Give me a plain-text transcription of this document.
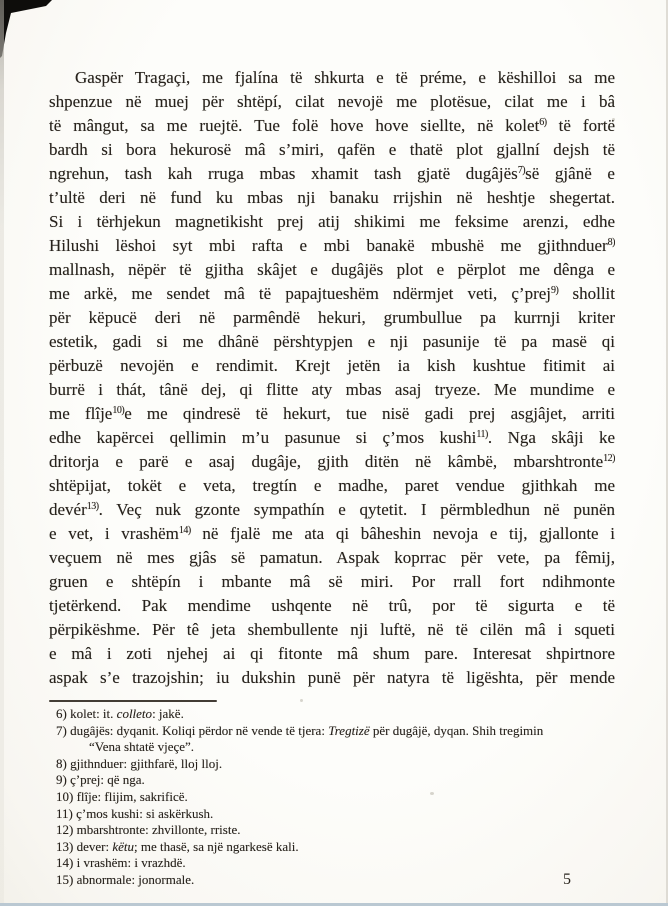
Gaspër Tragaçi, me fjalína të shkurta e të préme, e këshilloi sa me
shpenzue në muej për shtëpí, cilat nevojë me plotësue, cilat me i bâ
të mângut, sa me ruejtë. Tue folë hove hove siellte, në kolet$^{6)}$ të fortë
bardh si bora hekurosë mâ s’miri, qafën e thatë plot gjallní dejsh të
ngrehun, tash kah rruga mbas xhamit tash gjatë dugâjës$^{7)}$së gjânë e
t’ultë deri në fund ku mbas nji banaku rrijshin në heshtje shegertat.
Si i tërhjekun magnetikisht prej atij shikimi me feksime arenzi, edhe
Hilushi lëshoi syt mbi rafta e mbi banakë mbushë me gjithnduer$^{8)}$
mallnash, nëpër të gjitha skâjet e dugâjës plot e përplot me dênga e
me arkë, me sendet mâ të papajtueshëm ndërmjet veti, ç’prej$^{9)}$ shollit
për këpucë deri në parmêndë hekuri, grumbullue pa kurrnji kriter
estetik, gadi si me dhânë përshtypjen e nji pasunije të pa masë qi
përbuzë nevojën e rendimit. Krejt jetën ia kish kushtue fitimit ai
burrë i thát, tânë dej, qi flitte aty mbas asaj tryeze. Me mundime e
me flîje$^{10)}$e me qindresë të hekurt, tue nisë gadi prej asgjâjet, arriti
edhe kapërcei qellimin m’u pasunue si ç’mos kushi$^{11)}$. Nga skâji ke
dritorja e parë e asaj dugâje, gjith ditën në kâmbë, mbarshtronte$^{12)}$
shtëpijat, tokët e veta, tregtín e madhe, paret vendue gjithkah me
devér$^{13)}$. Veç nuk gzonte sympathín e qytetit. I përmbledhun në punën
e vet, i vrashëm$^{14)}$ në fjalë me ata qi bâheshin nevoja e tij, gjallonte i
veçuem në mes gjâs së pamatun. Aspak koprrac për vete, pa fêmij,
gruen e shtëpín i mbante mâ së miri. Por rrall fort ndihmonte
tjetërkend. Pak mendime ushqente në trû, por të sigurta e të
përpikëshme. Për tê jeta shembullente nji luftë, në të cilën mâ i squeti
e mâ i zoti njehej ai qi fitonte mâ shum pare. Interesat shpirtnore
aspak s’e trazojshin; iu dukshin punë për natyra të ligështa, për mende
6) kolet: it. colleto: jakë.
7) dugâjës: dyqanit. Koliqi përdor në vende të tjera: Tregtizë për dugâjë, dyqan. Shih tregimin
“Vena shtatë vjeçe”.
8) gjithnduer: gjithfarë, lloj lloj.
9) ç’prej: që nga.
10) flîje: flijim, sakrificë.
11) ç’mos kushi: si askërkush.
12) mbarshtronte: zhvillonte, rriste.
13) dever: këtu; me thasë, sa një ngarkesë kali.
14) i vrashëm: i vrazhdë.
15) abnormale: jonormale.	5
